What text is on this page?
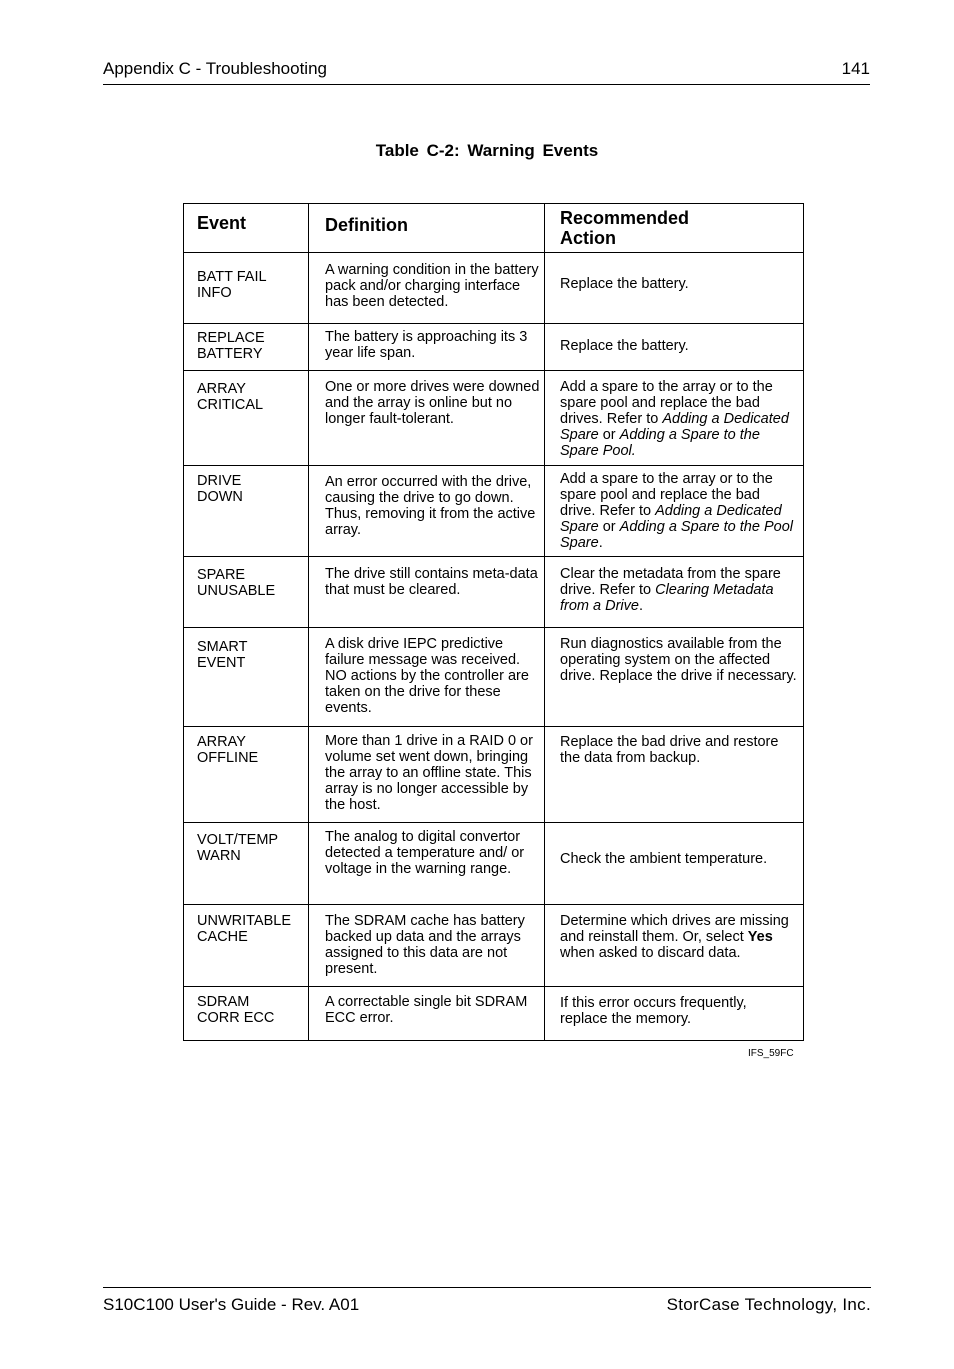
Appendix C - Troubleshooting	141
Table C-2: Warning Events
Event	Definition	Recommended
Action

BATT FAIL
INFO	A warning condition in the battery pack and/or charging interface has been detected.	Replace the battery.

REPLACE
BATTERY	The battery is approaching its 3 year life span.	Replace the battery.

ARRAY
CRITICAL	One or more drives were downed and the array is online but no longer fault-tolerant.	Add a spare to the array or to the spare pool and replace the bad drives. Refer to Adding a Dedicated Spare or Adding a Spare to the Spare Pool.

DRIVE
DOWN	An error occurred with the drive, causing the drive to go down. Thus, removing it from the active array.	Add a spare to the array or to the spare pool and replace the bad drive. Refer to Adding a Dedicated Spare or Adding a Spare to the Pool Spare.

SPARE
UNUSABLE	The drive still contains meta-data that must be cleared.	Clear the metadata from the spare drive. Refer to Clearing Metadata from a Drive.

SMART
EVENT	A disk drive IEPC predictive failure message was received. NO actions by the controller are taken on the drive for these events.	Run diagnostics available from the operating system on the affected drive. Replace the drive if necessary.

ARRAY
OFFLINE	More than 1 drive in a RAID 0 or volume set went down, bringing the array to an offline state. This array is no longer accessible by the host.	Replace the bad drive and restore the data from backup.

VOLT/TEMP
WARN	The analog to digital convertor detected a temperature and/ or voltage in the warning range.	Check the ambient temperature.

UNWRITABLE
CACHE	The SDRAM cache has battery backed up data and the arrays assigned to this data are not present.	Determine which drives are missing and reinstall them. Or, select Yes when asked to discard data.

SDRAM
CORR ECC	A correctable single bit SDRAM ECC error.	If this error occurs frequently, replace the memory.
IFS_59FC
S10C100 User's Guide - Rev. A01	StorCase Technology, Inc.
